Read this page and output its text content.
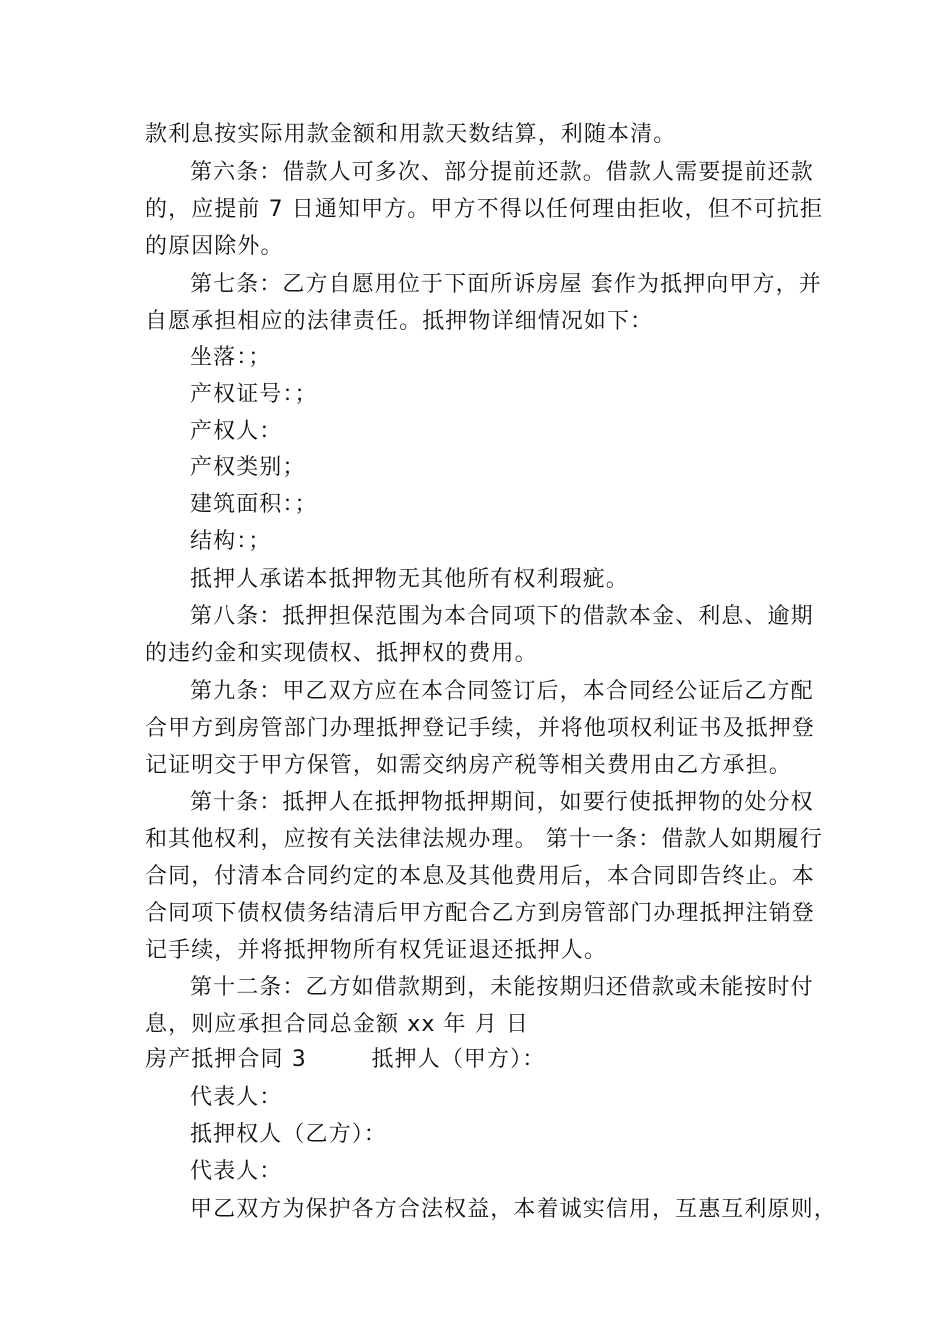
款利息按实际用款金额和用款天数结算，利随本清。
第六条：借款人可多次、部分提前还款。借款人需要提前还款
的，应提前 7 日通知甲方。甲方不得以任何理由拒收，但不可抗拒
的原因除外。
第七条：乙方自愿用位于下面所诉房屋 套作为抵押向甲方，并
自愿承担相应的法律责任。抵押物详细情况如下：
坐落：；
产权证号：；
产权人：
产权类别；
建筑面积：；
结构：；
抵押人承诺本抵押物无其他所有权利瑕疵。
第八条：抵押担保范围为本合同项下的借款本金、利息、逾期
的违约金和实现债权、抵押权的费用。
第九条：甲乙双方应在本合同签订后，本合同经公证后乙方配
合甲方到房管部门办理抵押登记手续，并将他项权利证书及抵押登
记证明交于甲方保管，如需交纳房产税等相关费用由乙方承担。
第十条：抵押人在抵押物抵押期间，如要行使抵押物的处分权
和其他权利，应按有关法律法规办理。 第十一条：借款人如期履行
合同，付清本合同约定的本息及其他费用后，本合同即告终止。本
合同项下债权债务结清后甲方配合乙方到房管部门办理抵押注销登
记手续，并将抵押物所有权凭证退还抵押人。
第十二条：乙方如借款期到，未能按期归还借款或未能按时付
息，则应承担合同总金额 xx 年 月 日
房产抵押合同 3        抵押人（甲方）：
代表人：
抵押权人（乙方）：
代表人：
甲乙双方为保护各方合法权益，本着诚实信用，互惠互利原则，
